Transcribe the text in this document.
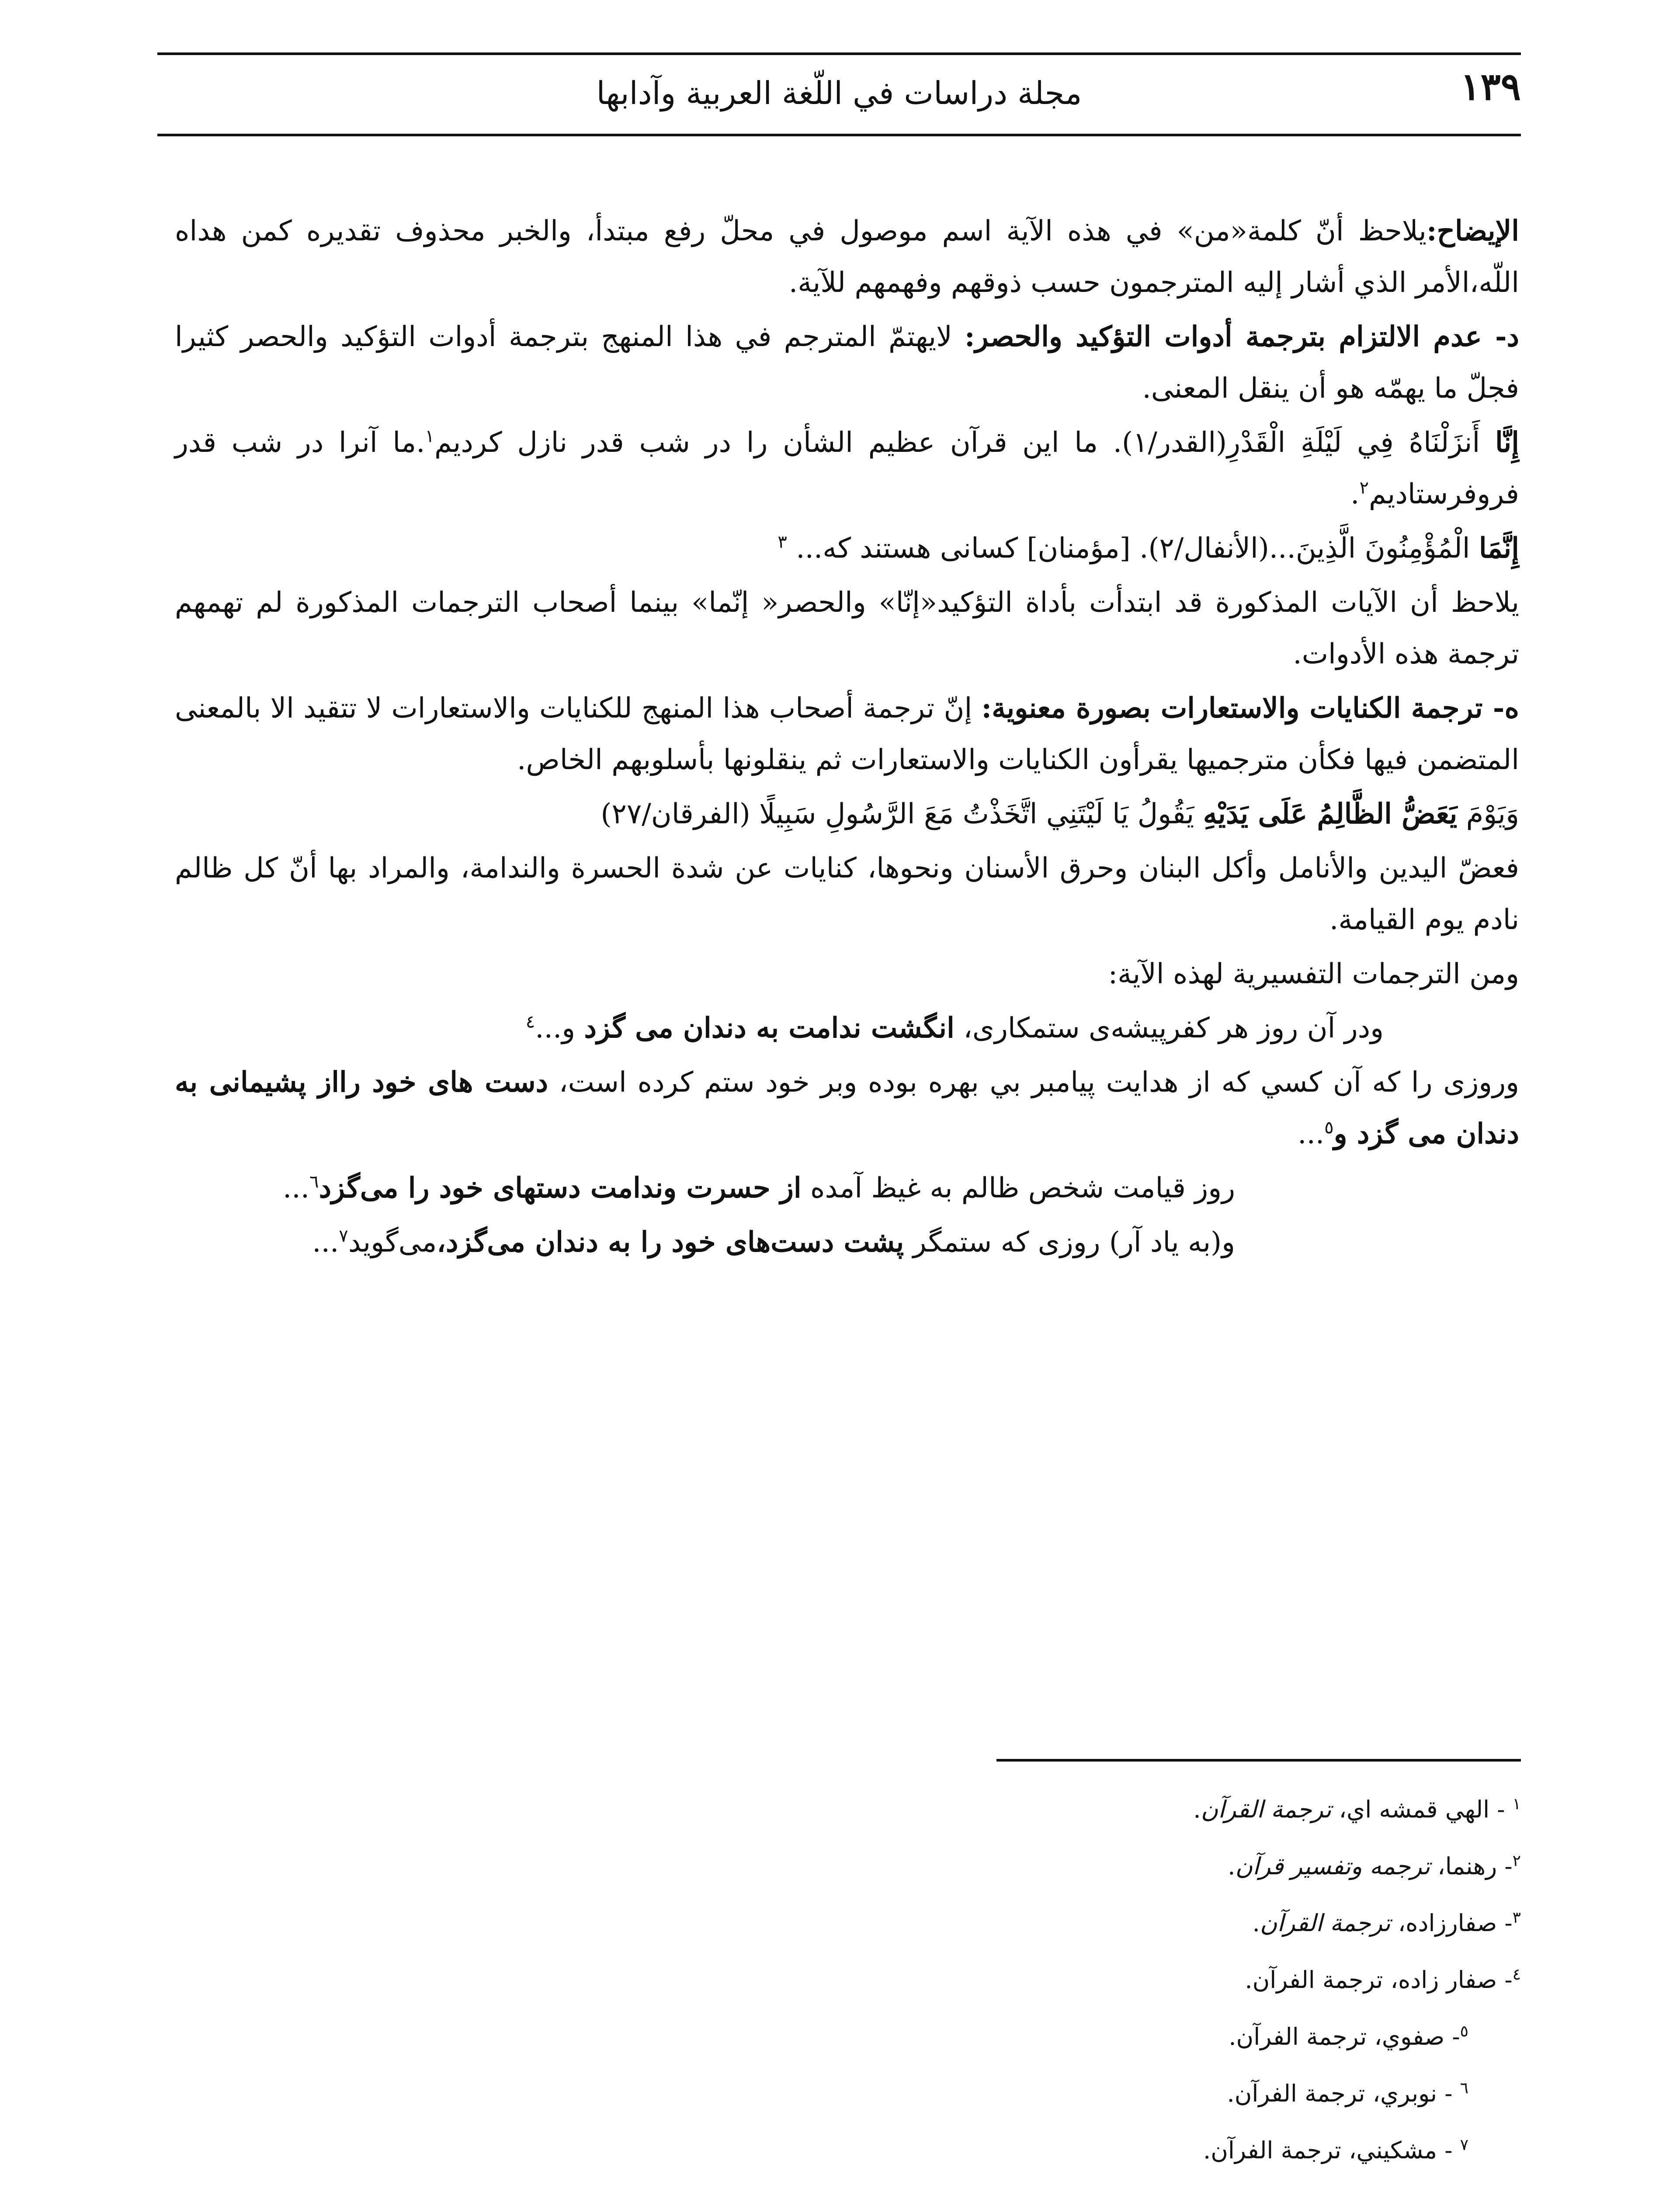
١٣٩
مجلة دراسات في اللّغة العربية وآدابها

الإيضاح:يلاحظ أنّ كلمة«من» في هذه الآية اسم موصول في محلّ رفع مبتدأ، والخبر محذوف تقديره كمن هداه اللّه،الأمر الذي أشار إليه المترجمون حسب ذوقهم وفهمهم للآية.

د- عدم الالتزام بترجمة أدوات التؤكيد والحصر: لايهتمّ المترجم في هذا المنهج بترجمة أدوات التؤكيد والحصر كثيرا فجلّ ما يهمّه هو أن ينقل المعنى.

إِنَّا أَنزَلْنَاهُ فِي لَيْلَةِ الْقَدْرِ(القدر/١). ما اين قرآن عظيم الشأن را در شب قدر نازل كرديم$^١$.ما آنرا در شب قدر فروفرستادیم$^٢$.

إِنَّمَا الْمُؤْمِنُونَ الَّذِينَ...(الأنفال/٢). [مؤمنان] كسانى هستند كه... $^٣$

يلاحظ أن الآيات المذكورة قد ابتدأت بأداة التؤكيد«إنّا» والحصر« إنّما» بينما أصحاب الترجمات المذكورة لم تهمهم ترجمة هذه الأدوات.

ه- ترجمة الكنايات والاستعارات بصورة معنوية: إنّ ترجمة أصحاب هذا المنهج للكنايات والاستعارات لا تتقيد الا بالمعنى المتضمن فيها فكأن مترجميها يقرأون الكنايات والاستعارات ثم ينقلونها بأسلوبهم الخاص.

وَيَوْمَ يَعَضُّ الظَّالِمُ عَلَى يَدَيْهِ يَقُولُ يَا لَيْتَنِي اتَّخَذْتُ مَعَ الرَّسُولِ سَبِيلًا (الفرقان/٢٧)

فعضّ اليدين والأنامل وأكل البنان وحرق الأسنان ونحوها، كنايات عن شدة الحسرة والندامة، والمراد بها أنّ كل ظالم نادم يوم القيامة.

ومن الترجمات التفسيرية لهذه الآية:

ودر آن روز هر كفرپيشه‌ى ستمكارى، انگشت ندامت به دندان مى گزد و...$^٤$

وروزى را كه آن كسي كه از هدايت پيامبر بي بهره بوده وبر خود ستم كرده است، دست هاى خود رااز پشيمانى به دندان مى گزد و$^٥$...

روز قيامت شخص ظالم به غيظ آمده از حسرت وندامت دستهاى خود را مى‌گزد$^٦$...

و(به ياد آر) روزى كه ستمگر پشت دست‌هاى خود را به دندان مى‌گزد،مى‌گويد$^٧$...

$^١$ - الهي قمشه اي، ترجمة القرآن.
$^٢$- رهنما، ترجمه وتفسير قرآن.
$^٣$- صفارزاده، ترجمة القرآن.
$^٤$- صفار زاده، ترجمة الفرآن.
$^٥$- صفوي، ترجمة الفرآن.
$^٦$ - نوبري، ترجمة الفرآن.
$^٧$ - مشكيني، ترجمة الفرآن.
